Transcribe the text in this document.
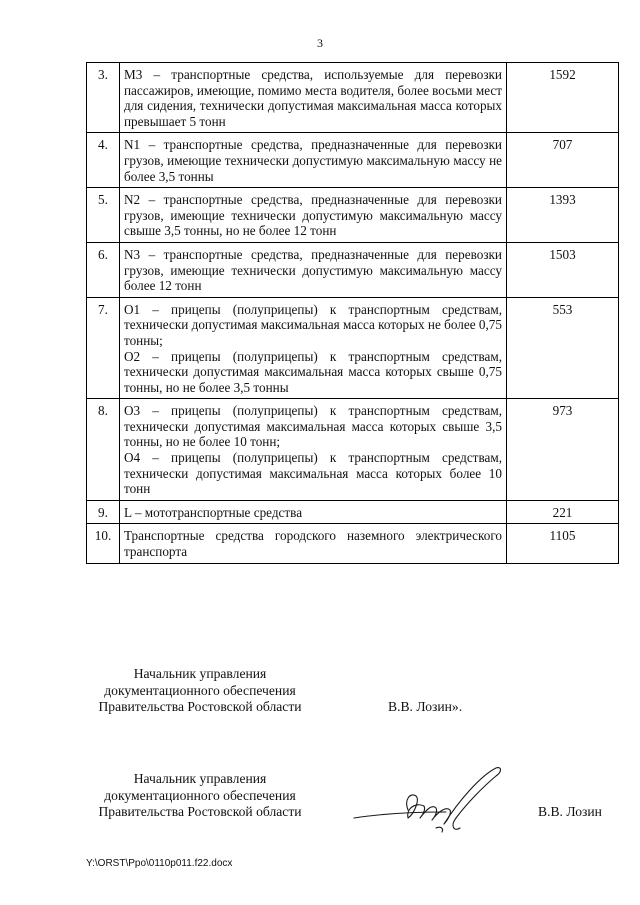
3
3.	M3 – транспортные средства, используемые для перевозки пассажиров, имеющие, помимо места водителя, более восьми мест для сидения, технически допустимая максимальная масса которых превышает 5 тонн	1592
4.	N1 – транспортные средства, предназначенные для перевозки грузов, имеющие технически допустимую максимальную массу не более 3,5 тонны	707
5.	N2 – транспортные средства, предназначенные для перевозки грузов, имеющие технически допустимую максимальную массу свыше 3,5 тонны, но не более 12 тонн	1393
6.	N3 – транспортные средства, предназначенные для перевозки грузов, имеющие технически допустимую максимальную массу более 12 тонн	1503
7.	O1 – прицепы (полуприцепы) к транспортным средствам, технически допустимая максимальная масса которых не более 0,75 тонны;
O2 – прицепы (полуприцепы) к транспортным средствам, технически допустимая максимальная масса которых свыше 0,75 тонны, но не более 3,5 тонны	553
8.	O3 – прицепы (полуприцепы) к транспортным средствам, технически допустимая максимальная масса которых свыше 3,5 тонны, но не более 10 тонн;
O4 – прицепы (полуприцепы) к транспортным средствам, технически допустимая максимальная масса которых более 10 тонн	973
9.	L – мототранспортные средства	221
10.	Транспортные средства городского наземного электрического транспорта	1105
Начальник управления
документационного обеспечения
Правительства Ростовской области	В.В. Лозин».
Начальник управления
документационного обеспечения
Правительства Ростовской области	В.В. Лозин
Y:\ORST\Ppo\0110p011.f22.docx
